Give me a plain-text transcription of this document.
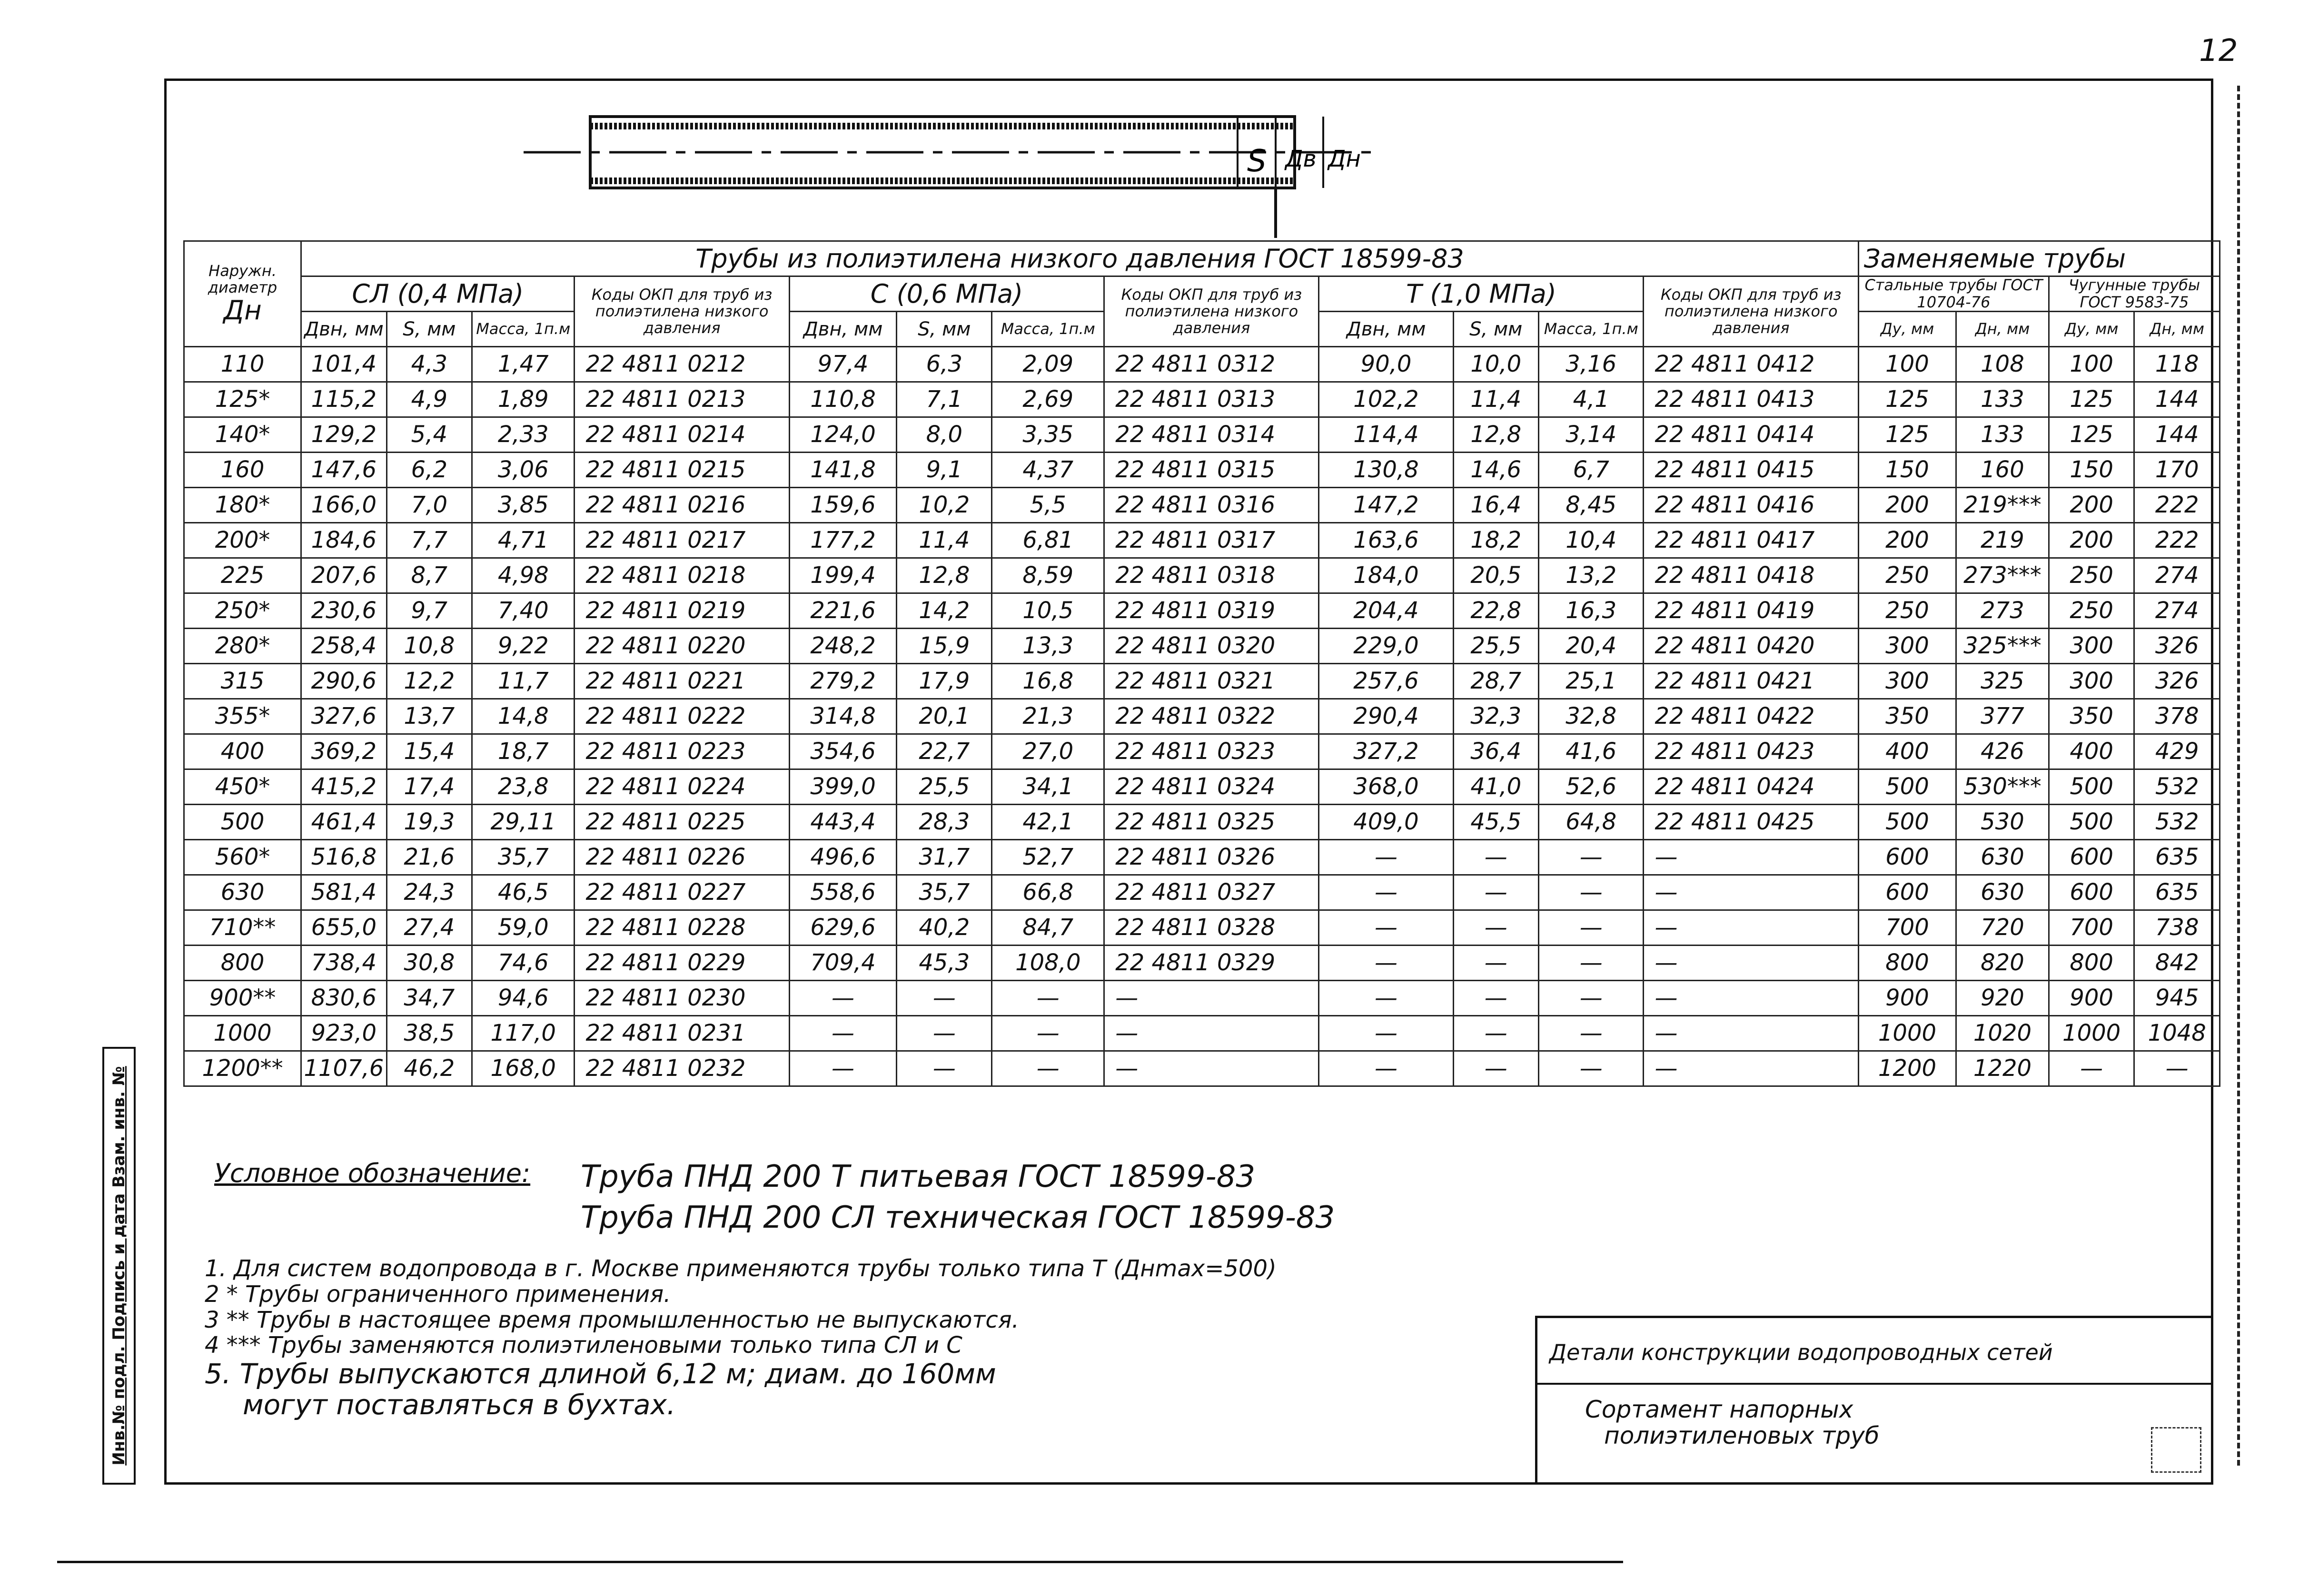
12
Инв.№ подл. Подпись и дата Взам. инв. №
S Дв Дн
Наружн. диаметр
Дн	Трубы из полиэтилена низкого давления ГОСТ 18599-83												Заменяемые трубы			
	СЛ (0,4 МПа)			Коды ОКП для труб из полиэтилена низкого давления	С (0,6 МПа)			Коды ОКП для труб из полиэтилена низкого давления	Т (1,0 МПа)			Коды ОКП для труб из полиэтилена низкого давления	Стальные трубы ГОСТ 10704-76		Чугунные трубы ГОСТ 9583-75	
	Двн, мм	S, мм	Масса, 1п.м		Двн, мм	S, мм	Масса, 1п.м		Двн, мм	S, мм	Масса, 1п.м		Ду, мм	Дн, мм	Ду, мм	Дн, мм
110	101,4	4,3	1,47	22 4811 0212	97,4	6,3	2,09	22 4811 0312	90,0	10,0	3,16	22 4811 0412	100	108	100	118
125*	115,2	4,9	1,89	22 4811 0213	110,8	7,1	2,69	22 4811 0313	102,2	11,4	4,1	22 4811 0413	125	133	125	144
140*	129,2	5,4	2,33	22 4811 0214	124,0	8,0	3,35	22 4811 0314	114,4	12,8	3,14	22 4811 0414	125	133	125	144
160	147,6	6,2	3,06	22 4811 0215	141,8	9,1	4,37	22 4811 0315	130,8	14,6	6,7	22 4811 0415	150	160	150	170
180*	166,0	7,0	3,85	22 4811 0216	159,6	10,2	5,5	22 4811 0316	147,2	16,4	8,45	22 4811 0416	200	219***	200	222
200*	184,6	7,7	4,71	22 4811 0217	177,2	11,4	6,81	22 4811 0317	163,6	18,2	10,4	22 4811 0417	200	219	200	222
225	207,6	8,7	4,98	22 4811 0218	199,4	12,8	8,59	22 4811 0318	184,0	20,5	13,2	22 4811 0418	250	273***	250	274
250*	230,6	9,7	7,40	22 4811 0219	221,6	14,2	10,5	22 4811 0319	204,4	22,8	16,3	22 4811 0419	250	273	250	274
280*	258,4	10,8	9,22	22 4811 0220	248,2	15,9	13,3	22 4811 0320	229,0	25,5	20,4	22 4811 0420	300	325***	300	326
315	290,6	12,2	11,7	22 4811 0221	279,2	17,9	16,8	22 4811 0321	257,6	28,7	25,1	22 4811 0421	300	325	300	326
355*	327,6	13,7	14,8	22 4811 0222	314,8	20,1	21,3	22 4811 0322	290,4	32,3	32,8	22 4811 0422	350	377	350	378
400	369,2	15,4	18,7	22 4811 0223	354,6	22,7	27,0	22 4811 0323	327,2	36,4	41,6	22 4811 0423	400	426	400	429
450*	415,2	17,4	23,8	22 4811 0224	399,0	25,5	34,1	22 4811 0324	368,0	41,0	52,6	22 4811 0424	500	530***	500	532
500	461,4	19,3	29,11	22 4811 0225	443,4	28,3	42,1	22 4811 0325	409,0	45,5	64,8	22 4811 0425	500	530	500	532
560*	516,8	21,6	35,7	22 4811 0226	496,6	31,7	52,7	22 4811 0326	—	—	—	—	600	630	600	635
630	581,4	24,3	46,5	22 4811 0227	558,6	35,7	66,8	22 4811 0327	—	—	—	—	600	630	600	635
710**	655,0	27,4	59,0	22 4811 0228	629,6	40,2	84,7	22 4811 0328	—	—	—	—	700	720	700	738
800	738,4	30,8	74,6	22 4811 0229	709,4	45,3	108,0	22 4811 0329	—	—	—	—	800	820	800	842
900**	830,6	34,7	94,6	22 4811 0230	—	—	—	—	—	—	—	—	900	920	900	945
1000	923,0	38,5	117,0	22 4811 0231	—	—	—	—	—	—	—	—	1000	1020	1000	1048
1200**	1107,6	46,2	168,0	22 4811 0232	—	—	—	—	—	—	—	—	1200	1220	—	—
Условное обозначение: Труба ПНД 200 Т питьевая ГОСТ 18599-83
Труба ПНД 200 СЛ техническая ГОСТ 18599-83
1. Для систем водопровода в г. Москве применяются трубы только типа Т (Днmax=500)
2 * Трубы ограниченного применения.
3 ** Трубы в настоящее время промышленностью не выпускаются.
4 *** Трубы заменяются полиэтиленовыми только типа СЛ и С
5. Трубы выпускаются длиной 6,12 м; диам. до 160мм
могут поставляться в бухтах.
Детали конструкции водопроводных сетей
Сортамент напорных
полиэтиленовых труб
